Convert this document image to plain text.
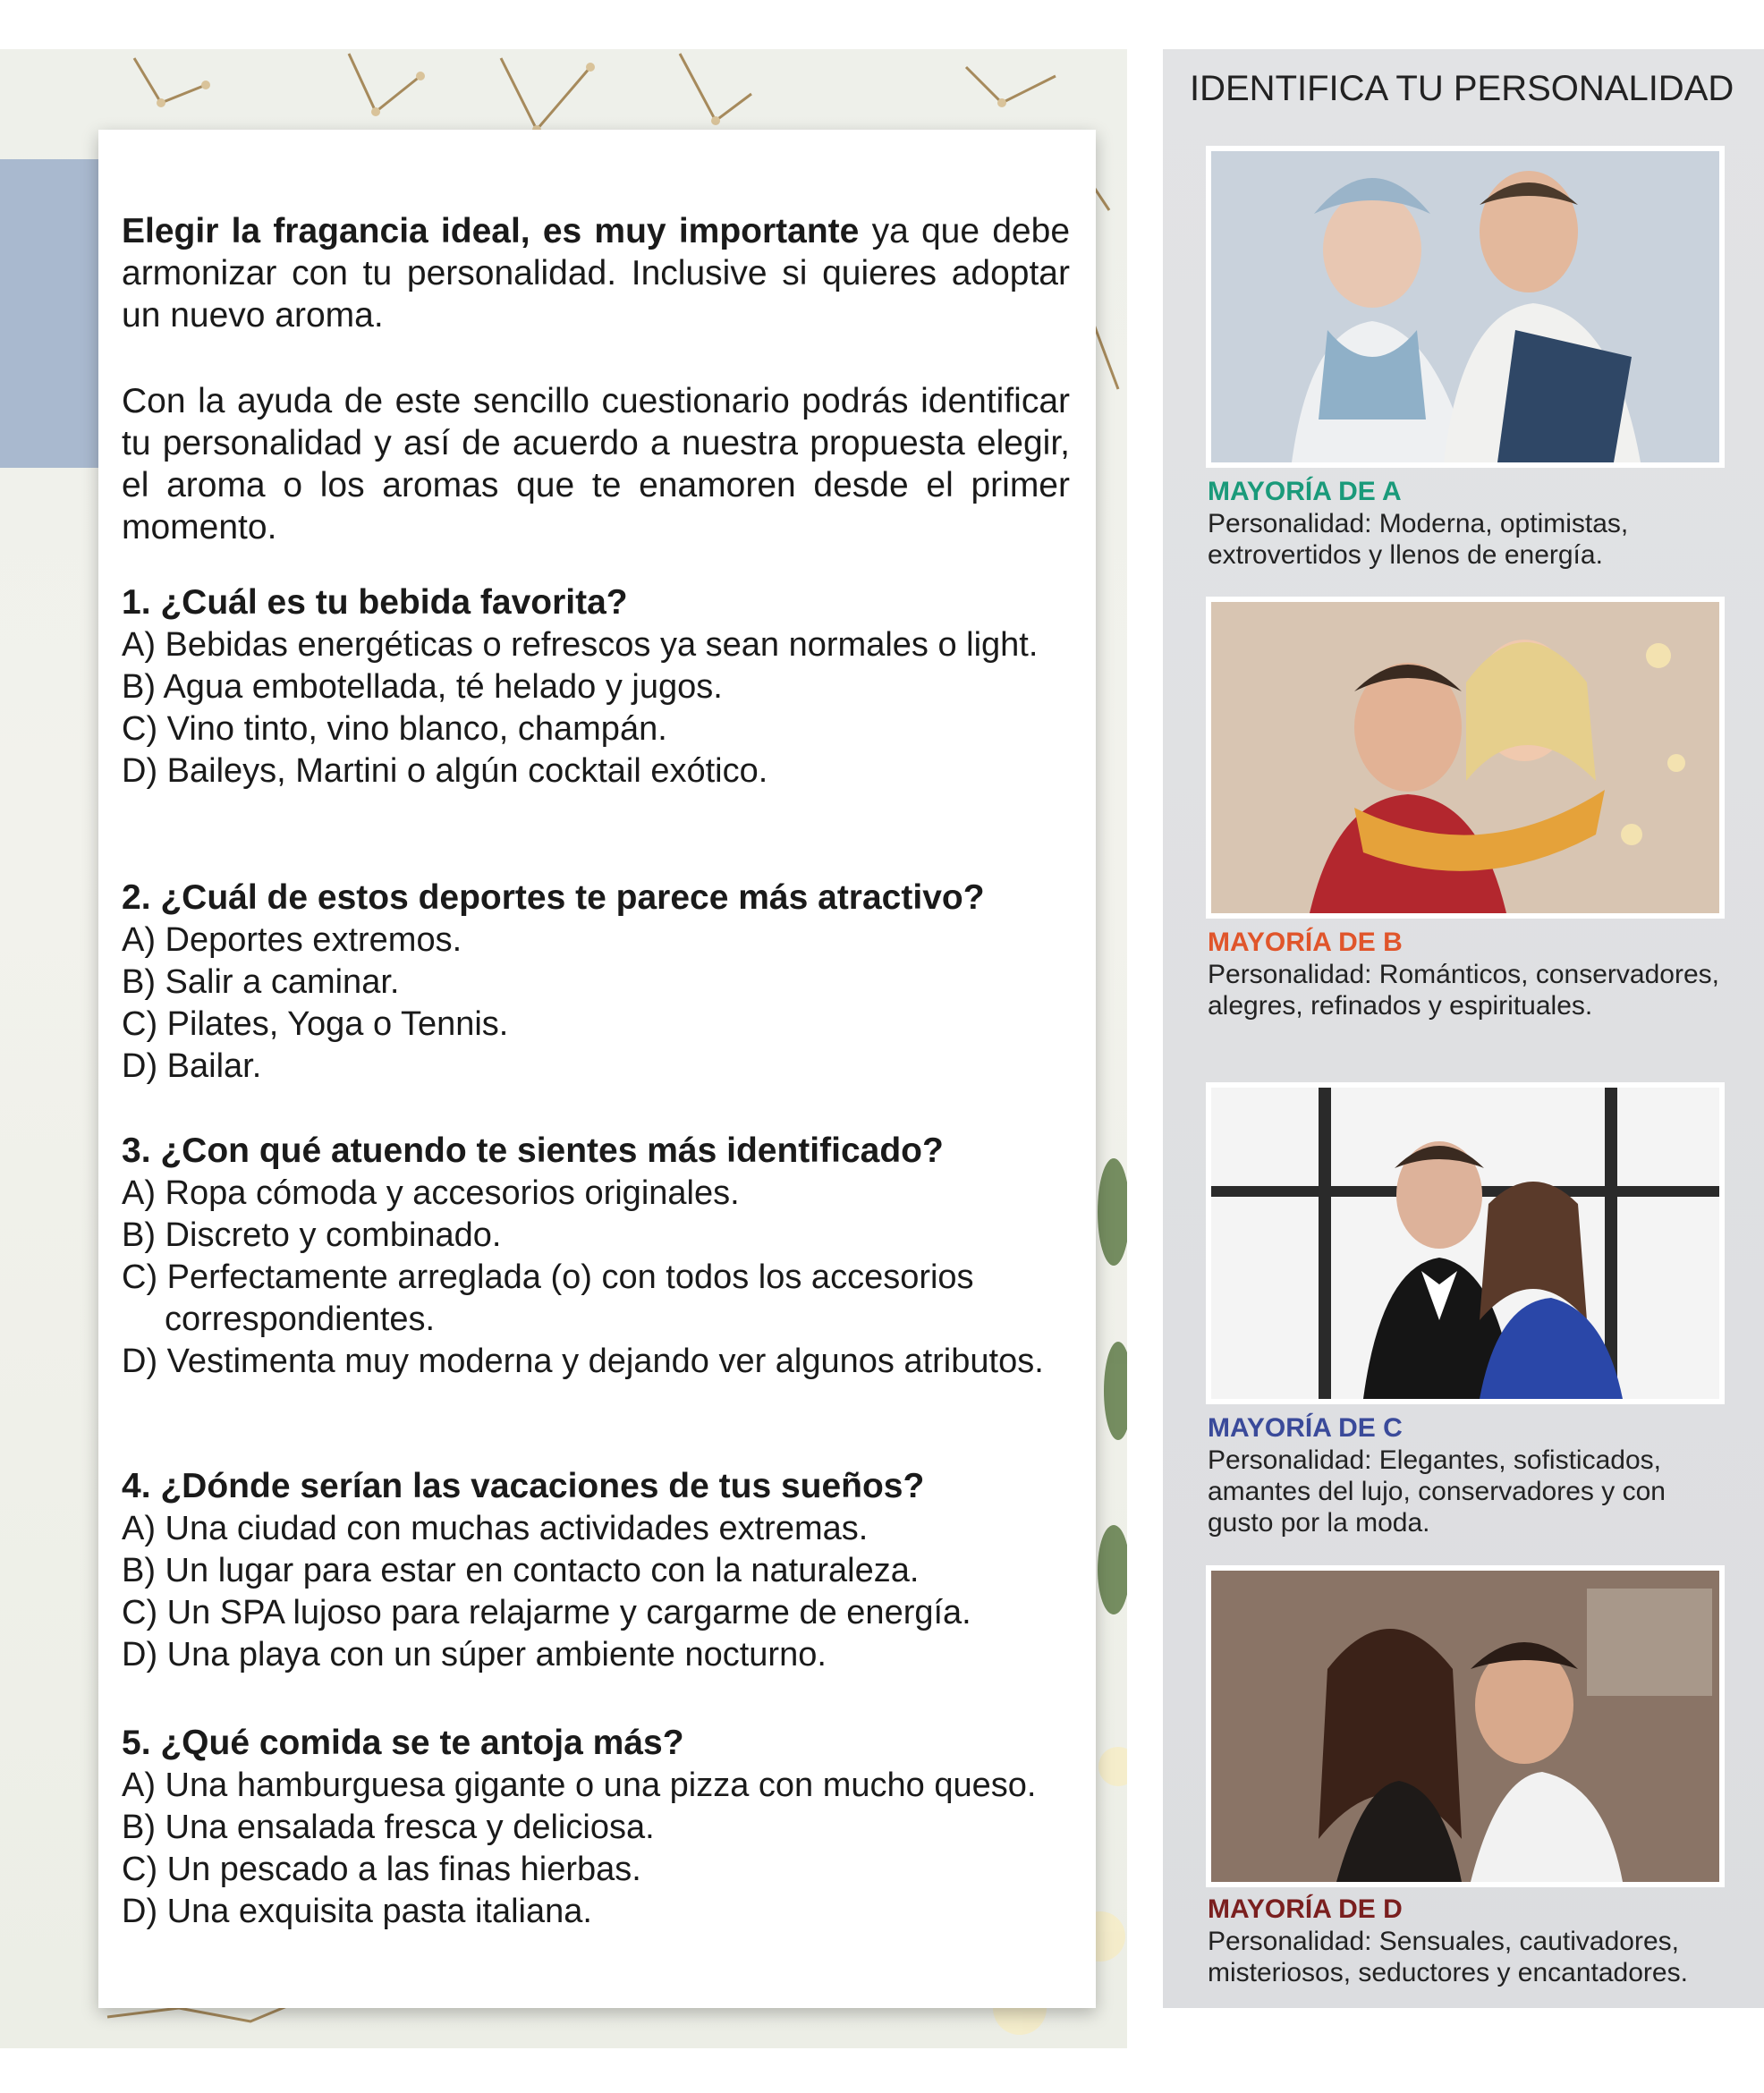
Elegir la fragancia ideal, es muy importante ya que debe armonizar con tu personalidad. Inclusive si quieres adoptar un nuevo aroma.

Con la ayuda de este sencillo cuestionario podrás identificar tu personalidad y así de acuerdo a nuestra propuesta elegir, el aroma o los aromas que te enamoren desde el primer momento.

1. ¿Cuál es tu bebida favorita?

A) Bebidas energéticas o refrescos ya sean normales o light.

B) Agua embotellada, té helado y jugos.

C) Vino tinto, vino blanco, champán.

D) Baileys, Martini o algún cocktail exótico.

2. ¿Cuál de estos deportes te parece más atractivo?

A) Deportes extremos.

B) Salir a caminar.

C) Pilates, Yoga o Tennis.

D) Bailar.

3. ¿Con qué atuendo te sientes más identificado?

A) Ropa cómoda y accesorios originales.

B) Discreto y combinado.

C) Perfectamente arreglada (o) con todos los accesorios correspondientes.

D) Vestimenta muy moderna y dejando ver algunos atributos.

4. ¿Dónde serían las vacaciones de tus sueños?

A) Una ciudad con muchas actividades extremas.

B) Un lugar para estar en contacto con la naturaleza.

C) Un SPA lujoso para relajarme y cargarme de energía.

D) Una playa con un súper ambiente nocturno.

5. ¿Qué comida se te antoja más?

A) Una hamburguesa gigante o una pizza con mucho queso.

B) Una ensalada fresca y deliciosa.

C) Un pescado a las finas hierbas.

D) Una exquisita pasta italiana.

IDENTIFICA TU PERSONALIDAD

MAYORÍA DE A

Personalidad: Moderna, optimistas, extrovertidos y llenos de energía.

MAYORÍA DE B

Personalidad: Románticos, conservadores, alegres, refinados y espirituales.

MAYORÍA DE C

Personalidad: Elegantes, sofisticados, amantes del lujo, conservadores y con gusto por la moda.

MAYORÍA DE D

Personalidad: Sensuales, cautivadores, misteriosos, seductores y encantadores.
